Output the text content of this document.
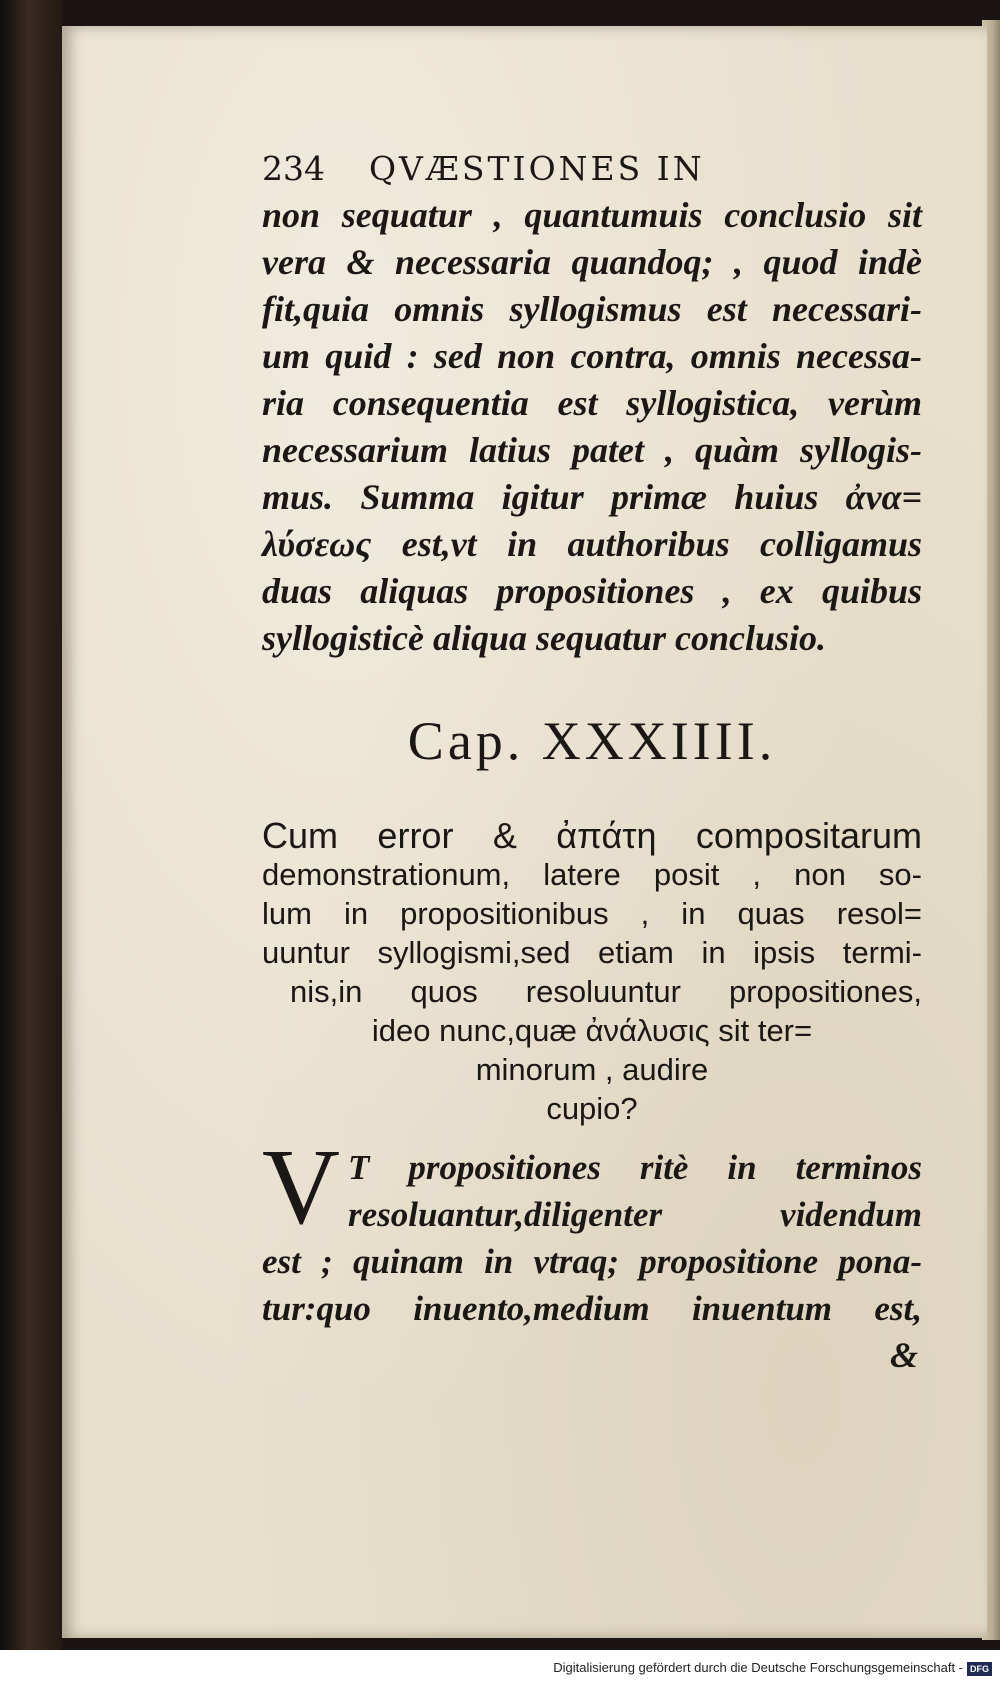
234 QVÆSTIONES IN
non sequatur , quantumuis conclusio sit
vera & necessaria quandoq; , quod indè
fit,quia omnis syllogismus est necessari-
um quid : sed non contra, omnis necessa-
ria consequentia est syllogistica, verùm
necessarium latius patet , quàm syllogis-
mus. Summa igitur primæ huius ἀνα=
λύσεως est,vt in authoribus colligamus
duas aliquas propositiones , ex quibus
syllogisticè aliqua sequatur conclusio.
Cap. XXXIIII.
Cum error & ἀπάτη compositarum
demonstrationum, latere posit , non so-
lum in propositionibus , in quas resol=
uuntur syllogismi,sed etiam in ipsis termi-
nis,in quos resoluuntur propositiones,
ideo nunc,quæ ἀνάλυσις sit ter=
minorum , audire
cupio?
V T propositiones ritè in terminos
resoluantur,diligenter videndum
est ; quinam in vtraq; propositione pona-
tur:quo inuento,medium inuentum est,
&
Digitalisierung gefördert durch die Deutsche Forschungsgemeinschaft - DFG
